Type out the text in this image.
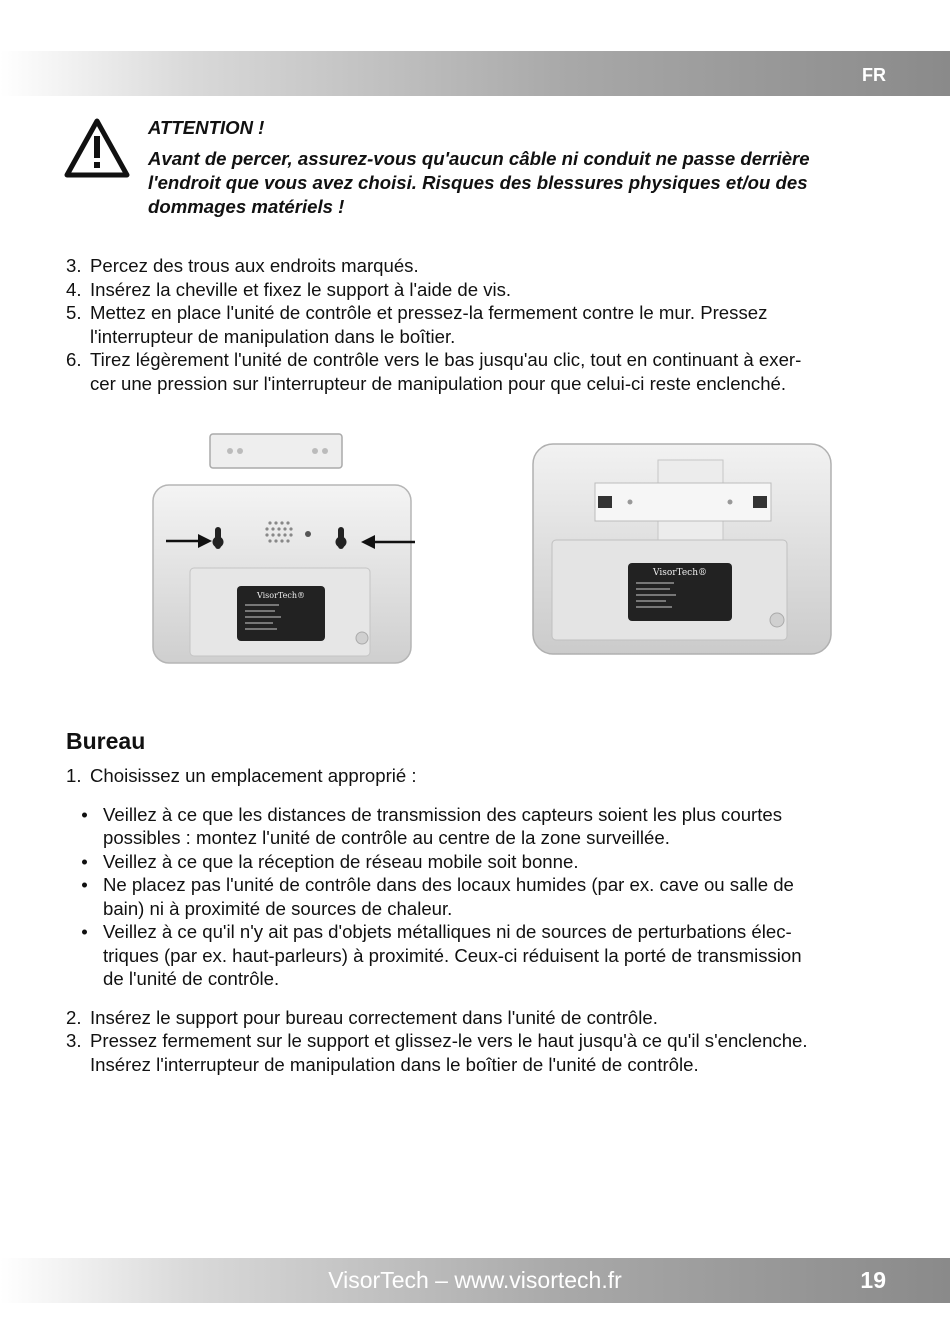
FR

ATTENTION !

Avant de percer, assurez-vous qu'aucun câble ni conduit ne passe derrière

l'endroit que vous avez choisi. Risques des blessures physiques et/ou des

dommages matériels !

3. Percez des trous aux endroits marqués.
4. Insérez la cheville et fixez le support à l'aide de vis.
5. Mettez en place l'unité de contrôle et pressez-la fermement contre le mur. Pressez
l'interrupteur de manipulation dans le boîtier.
6. Tirez légèrement l'unité de contrôle vers le bas jusqu'au clic, tout en continuant à exer-
cer une pression sur l'interrupteur de manipulation pour que celui-ci reste enclenché.
VisorTech®
VisorTech®
Bureau
1. Choisissez un emplacement approprié :
• Veillez à ce que les distances de transmission des capteurs soient les plus courtes
possibles : montez l'unité de contrôle au centre de la zone surveillée.
• Veillez à ce que la réception de réseau mobile soit bonne.
• Ne placez pas l'unité de contrôle dans des locaux humides (par ex. cave ou salle de
bain) ni à proximité de sources de chaleur.
• Veillez à ce qu'il n'y ait pas d'objets métalliques ni de sources de perturbations élec-
triques (par ex. haut-parleurs) à proximité. Ceux-ci réduisent la porté de transmission
de l'unité de contrôle.
2. Insérez le support pour bureau correctement dans l'unité de contrôle.
3. Pressez fermement sur le support et glissez-le vers le haut jusqu'à ce qu'il s'enclenche.
Insérez l'interrupteur de manipulation dans le boîtier de l'unité de contrôle.
VisorTech – www.visortech.fr	19
